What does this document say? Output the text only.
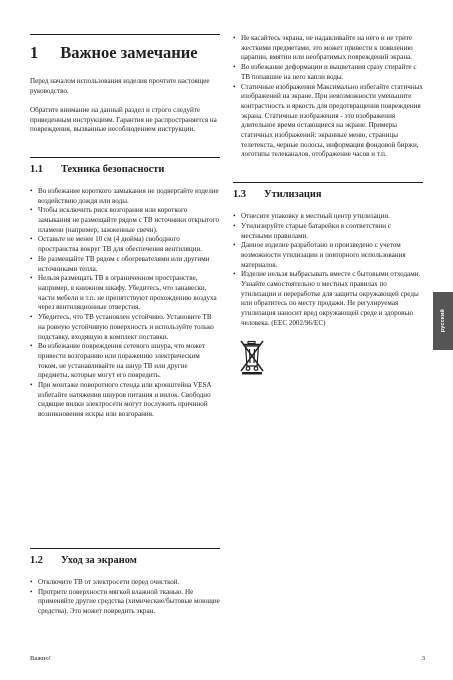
1 Важное замечание

Перед началом использования изделия прочтите настоящее руководство.

Обратите внимание на данный раздел и строго следуйте приведенным инструкциям. Гарантия не распространяется на повреждения, вызванные несоблюдением инструкции.

1.1 Техника безопасности
• Во избежание короткого замыкания не подвергайте изделие воздействию дождя или воды.
• Чтобы исключить риск возгорания или короткого замыкания не размещайте рядом с ТВ источники открытого пламени (например, зажженные свечи).
• Оставьте не менее 10 см (4 дюйма) свободного пространства вокруг ТВ для обеспечения вентиляции.
• Не размещайте ТВ рядом с обогревателями или другими источниками тепла.
• Нельзя размещать ТВ в ограниченном пространстве, например, в книжном шкафу. Убедитесь, что занавески, части мебели и т.п. не препятствуют прохождению воздуха через вентиляционные отверстия.
• Убедитесь, что ТВ установлен устойчиво. Установите ТВ на ровную устойчивую поверхность и используйте только подставку, входящую в комплект поставки.
• Во избежание повреждения сетевого шнура, что может привести возгоранию или поражению электрическим током, не устанавливайте на шнур ТВ или другие предметы, которые могут его повредить.
• При монтаже поворотного стенда или кронштейна VESA избегайте натяжения шнуров питания и вилок. Свободно сидящие вилки электросети могут послужить причиной возникновения искры или возгорания.
1.2 Уход за экраном
• Отключите ТВ от электросети перед очисткой.
• Протрите поверхности мягкой влажной тканью. Не применяйте другие средства (химические/бытовые моющие средства). Это может повредить экран.
• Не касайтесь экрана, не надавливайте на него и не трите жесткими предметами, это может привести к появлению царапин, вмятин или необратимых повреждений экрана.
• Во избежание деформации и выцветания сразу стирайте с ТВ попавшие на него капли воды.
• Статичные изображения Максимально избегайте статичных изображений на экране. При невозможности уменьшите контрастность и яркость для предотвращения повреждения экрана. Статичные изображения - это изображения длительное время остающиеся на экране. Примеры статичных изображений: экранные меню, страницы телетекста, черные полосы, информация фондовой биржи, логотипы телеканалов, отображение часов и т.п.
1.3 Утилизация
• Отнесите упаковку в местный центр утилизации.
• Утилизируйте старые батарейки в соответствии с местными правилами.
• Данное изделие разработано и произведено с учетом возможности утилизации и повторного использования материалов.
• Изделие нельзя выбрасывать вместе с бытовыми отходами. Узнайте самостоятельно о местных правилах по утилизации и переработке для защиты окружающей среды или обратитесь по месту продажи. Не регулируемая утилизация наносит вред окружающей среде и здоровью человека. (EEC 2002/96/EC)	русский
Важно!	3
